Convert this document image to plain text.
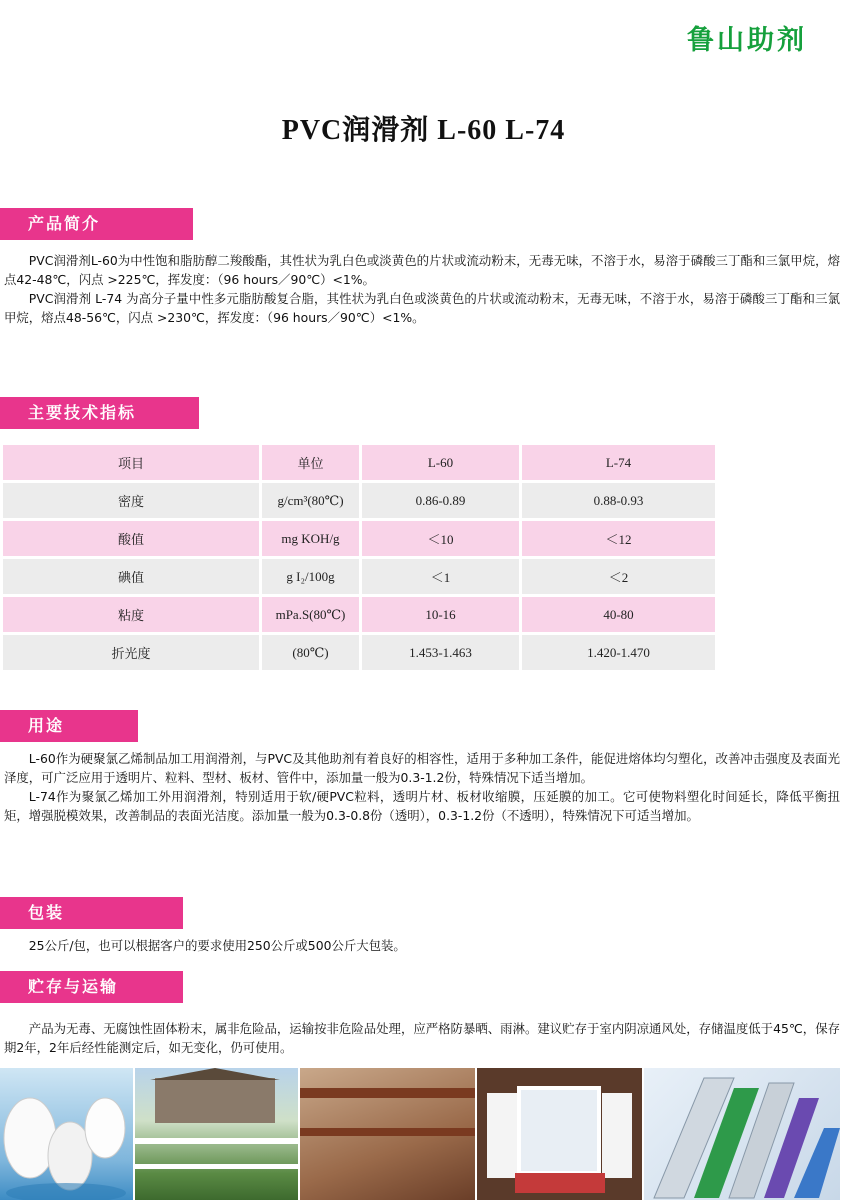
鲁山助剂
PVC润滑剂 L-60 L-74
产品简介

PVC润滑剂L-60为中性饱和脂肪醇二羧酸酯，其性状为乳白色或淡黄色的片状或流动粉末，无毒无味，不溶于水，易溶于磷酸三丁酯和三氯甲烷，熔点42-48℃，闪点 >225℃，挥发度：（96 hours／90℃）<1%。

PVC润滑剂 L-74 为高分子量中性多元脂肪酸复合脂，其性状为乳白色或淡黄色的片状或流动粉末，无毒无味，不溶于水，易溶于磷酸三丁酯和三氯甲烷，熔点48-56℃，闪点 >230℃，挥发度：（96 hours／90℃）<1%。

主要技术指标
项目	单位	L-60	L-74
密度	g/cm³(80℃)	0.86-0.89	0.88-0.93
酸值	mg KOH/g	＜10	＜12
碘值	g I₂/100g	＜1	＜2
粘度	mPa.S(80℃)	10-16	40-80
折光度	(80℃)	1.453-1.463	1.420-1.470
用途

L-60作为硬聚氯乙烯制品加工用润滑剂，与PVC及其他助剂有着良好的相容性，适用于多种加工条件，能促进熔体均匀塑化，改善冲击强度及表面光泽度，可广泛应用于透明片、粒料、型材、板材、管件中，添加量一般为0.3-1.2份，特殊情况下适当增加。

L-74作为聚氯乙烯加工外用润滑剂，特别适用于软/硬PVC粒料，透明片材、板材收缩膜，压延膜的加工。它可使物料塑化时间延长，降低平衡扭矩，增强脱模效果，改善制品的表面光洁度。添加量一般为0.3-0.8份（透明），0.3-1.2份（不透明），特殊情况下可适当增加。

包装

25公斤/包，也可以根据客户的要求使用250公斤或500公斤大包装。

贮存与运输

产品为无毒、无腐蚀性固体粉末，属非危险品，运输按非危险品处理，应严格防暴晒、雨淋。建议贮存于室内阴凉通风处，存储温度低于45℃，保存期2年，2年后经性能测定后，如无变化，仍可使用。
